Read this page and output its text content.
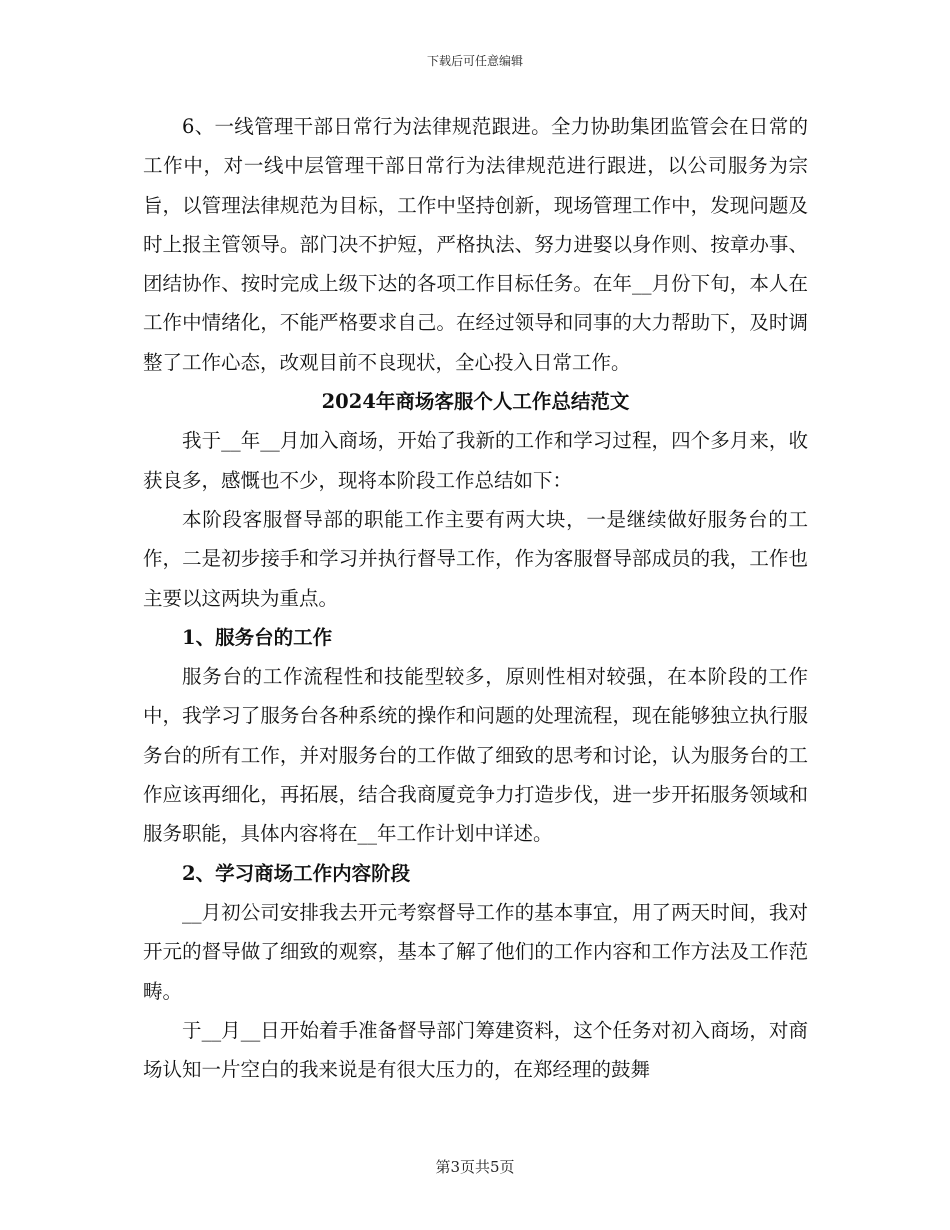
下载后可任意编辑

6、一线管理干部日常行为法律规范跟进。全力协助集团监管会在日常的工作中，对一线中层管理干部日常行为法律规范进行跟进，以公司服务为宗旨，以管理法律规范为目标，工作中坚持创新，现场管理工作中，发现问题及时上报主管领导。部门决不护短，严格执法、努力进娶以身作则、按章办事、团结协作、按时完成上级下达的各项工作目标任务。在年__月份下旬，本人在工作中情绪化，不能严格要求自己。在经过领导和同事的大力帮助下，及时调整了工作心态，改观目前不良现状，全心投入日常工作。

2024年商场客服个人工作总结范文

我于__年__月加入商场，开始了我新的工作和学习过程，四个多月来，收获良多，感慨也不少，现将本阶段工作总结如下：

本阶段客服督导部的职能工作主要有两大块，一是继续做好服务台的工作，二是初步接手和学习并执行督导工作，作为客服督导部成员的我，工作也主要以这两块为重点。

1、服务台的工作

服务台的工作流程性和技能型较多，原则性相对较强，在本阶段的工作中，我学习了服务台各种系统的操作和问题的处理流程，现在能够独立执行服务台的所有工作，并对服务台的工作做了细致的思考和讨论，认为服务台的工作应该再细化，再拓展，结合我商厦竞争力打造步伐，进一步开拓服务领域和服务职能，具体内容将在__年工作计划中详述。

2、学习商场工作内容阶段

__月初公司安排我去开元考察督导工作的基本事宜，用了两天时间，我对开元的督导做了细致的观察，基本了解了他们的工作内容和工作方法及工作范畴。

于__月__日开始着手准备督导部门筹建资料，这个任务对初入商场，对商场认知一片空白的我来说是有很大压力的，在郑经理的鼓舞

第3页共5页
